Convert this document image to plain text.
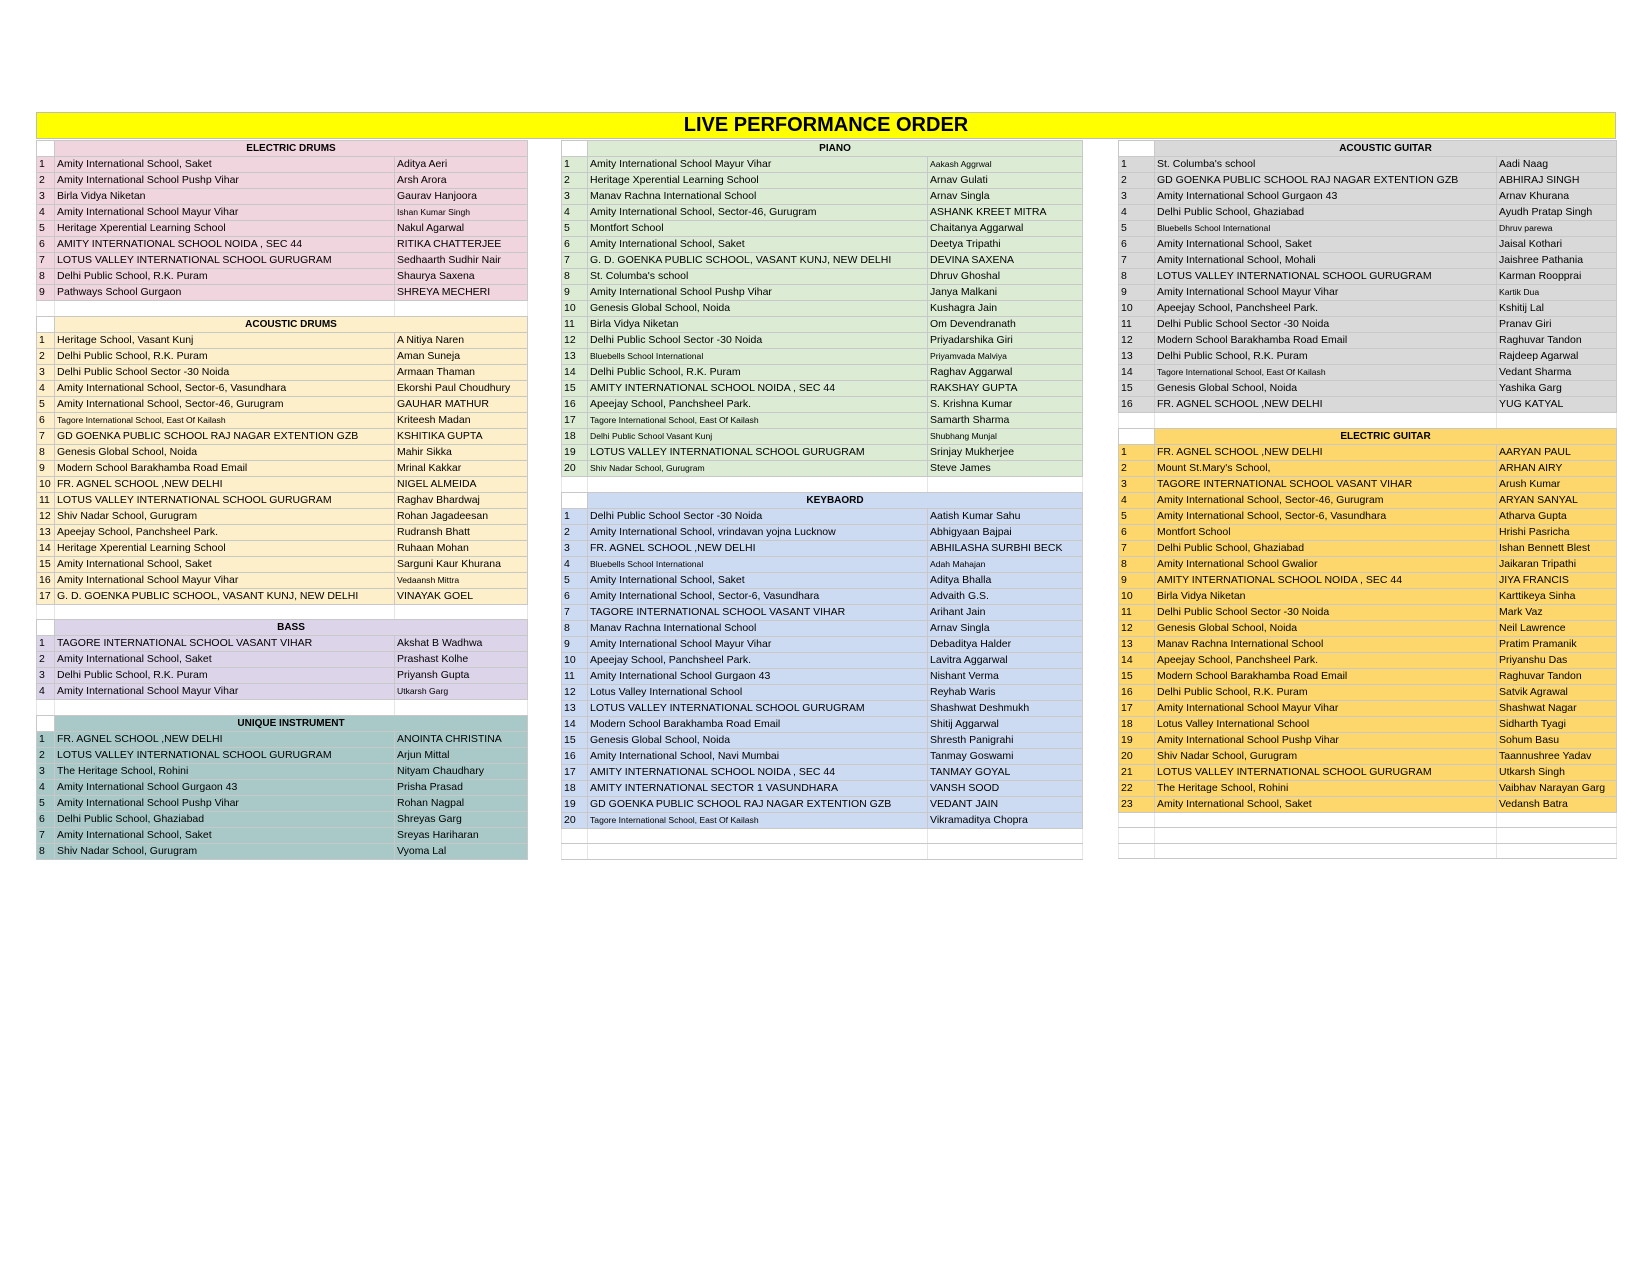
LIVE PERFORMANCE ORDER
	ELECTRIC DRUMS	
1	Amity International School, Saket	Aditya Aeri
2	Amity International School Pushp Vihar	Arsh Arora
3	Birla Vidya Niketan	Gaurav Hanjoora
4	Amity International School Mayur Vihar	Ishan Kumar Singh
5	Heritage Xperential Learning School	Nakul Agarwal
6	AMITY INTERNATIONAL SCHOOL NOIDA , SEC 44	RITIKA CHATTERJEE
7	LOTUS VALLEY INTERNATIONAL SCHOOL GURUGRAM	Sedhaarth Sudhir Nair
8	Delhi Public School, R.K. Puram	Shaurya Saxena
9	Pathways School Gurgaon	SHREYA MECHERI

	ACOUSTIC DRUMS	
1	Heritage School, Vasant Kunj	A Nitiya Naren
2	Delhi Public School, R.K. Puram	Aman Suneja
3	Delhi Public School Sector -30 Noida	Armaan Thaman
4	Amity International School, Sector-6, Vasundhara	Ekorshi Paul Choudhury
5	Amity International School, Sector-46, Gurugram	GAUHAR MATHUR
6	Tagore International School, East Of Kailash	Kriteesh Madan
7	GD GOENKA PUBLIC SCHOOL RAJ NAGAR EXTENTION GZB	KSHITIKA GUPTA
8	Genesis Global School, Noida	Mahir Sikka
9	Modern School Barakhamba Road Email	Mrinal Kakkar
10	FR. AGNEL SCHOOL ,NEW DELHI	NIGEL ALMEIDA
11	LOTUS VALLEY INTERNATIONAL SCHOOL GURUGRAM	Raghav Bhardwaj
12	Shiv Nadar School, Gurugram	Rohan Jagadeesan
13	Apeejay School, Panchsheel Park.	Rudransh Bhatt
14	Heritage Xperential Learning School	Ruhaan Mohan
15	Amity International School, Saket	Sarguni Kaur Khurana
16	Amity International School Mayur Vihar	Vedaansh Mittra
17	G. D. GOENKA PUBLIC SCHOOL, VASANT KUNJ, NEW DELHI	VINAYAK GOEL

	BASS	
1	TAGORE INTERNATIONAL SCHOOL VASANT VIHAR	Akshat B Wadhwa
2	Amity International School, Saket	Prashast Kolhe
3	Delhi Public School, R.K. Puram	Priyansh Gupta
4	Amity International School Mayur Vihar	Utkarsh Garg

	UNIQUE INSTRUMENT	
1	FR. AGNEL SCHOOL ,NEW DELHI	ANOINTA CHRISTINA
2	LOTUS VALLEY INTERNATIONAL SCHOOL GURUGRAM	Arjun Mittal
3	The Heritage School, Rohini	Nityam Chaudhary
4	Amity International School Gurgaon 43	Prisha Prasad
5	Amity International School Pushp Vihar	Rohan Nagpal
6	Delhi Public School, Ghaziabad	Shreyas Garg
7	Amity International School, Saket	Sreyas Hariharan
8	Shiv Nadar School, Gurugram	Vyoma Lal
	PIANO	
1	Amity International School Mayur Vihar	Aakash Aggrwal
2	Heritage Xperential Learning School	Arnav Gulati
3	Manav Rachna International School	Arnav Singla
4	Amity International School, Sector-46, Gurugram	ASHANK KREET MITRA
5	Montfort School	Chaitanya Aggarwal
6	Amity International School, Saket	Deetya Tripathi
7	G. D. GOENKA PUBLIC SCHOOL, VASANT KUNJ, NEW DELHI	DEVINA SAXENA
8	St. Columba's school	Dhruv Ghoshal
9	Amity International School Pushp Vihar	Janya Malkani
10	Genesis Global School, Noida	Kushagra Jain
11	Birla Vidya Niketan	Om Devendranath
12	Delhi Public School Sector -30 Noida	Priyadarshika Giri
13	Bluebells School International	Priyamvada Malviya
14	Delhi Public School, R.K. Puram	Raghav Aggarwal
15	AMITY INTERNATIONAL SCHOOL NOIDA , SEC 44	RAKSHAY GUPTA
16	Apeejay School, Panchsheel Park.	S. Krishna Kumar
17	Tagore International School, East Of Kailash	Samarth Sharma
18	Delhi Public School Vasant Kunj	Shubhang Munjal
19	LOTUS VALLEY INTERNATIONAL SCHOOL GURUGRAM	Srinjay Mukherjee
20	Shiv Nadar School, Gurugram	Steve James

	KEYBAORD	
1	Delhi Public School Sector -30 Noida	Aatish Kumar Sahu
2	Amity International School, vrindavan yojna Lucknow	Abhigyaan Bajpai
3	FR. AGNEL SCHOOL ,NEW DELHI	ABHILASHA SURBHI BECK
4	Bluebells School International	Adah Mahajan
5	Amity International School, Saket	Aditya Bhalla
6	Amity International School, Sector-6, Vasundhara	Advaith G.S.
7	TAGORE INTERNATIONAL SCHOOL VASANT VIHAR	Arihant Jain
8	Manav Rachna International School	Arnav Singla
9	Amity International School Mayur Vihar	Debaditya Halder
10	Apeejay School, Panchsheel Park.	Lavitra Aggarwal
11	Amity International School Gurgaon 43	Nishant Verma
12	Lotus Valley International School	Reyhab Waris
13	LOTUS VALLEY INTERNATIONAL SCHOOL GURUGRAM	Shashwat Deshmukh
14	Modern School Barakhamba Road Email	Shitij Aggarwal
15	Genesis Global School, Noida	Shresth Panigrahi
16	Amity International School, Navi Mumbai	Tanmay Goswami
17	AMITY INTERNATIONAL SCHOOL NOIDA , SEC 44	TANMAY GOYAL
18	AMITY INTERNATIONAL SECTOR 1 VASUNDHARA	VANSH SOOD
19	GD GOENKA PUBLIC SCHOOL RAJ NAGAR EXTENTION GZB	VEDANT JAIN
20	Tagore International School, East Of Kailash	Vikramaditya Chopra

	ACOUSTIC GUITAR	
1	St. Columba's school	Aadi Naag
2	GD GOENKA PUBLIC SCHOOL RAJ NAGAR EXTENTION GZB	ABHIRAJ SINGH
3	Amity International School Gurgaon 43	Arnav Khurana
4	Delhi Public School, Ghaziabad	Ayudh Pratap Singh
5	Bluebells School International	Dhruv parewa
6	Amity International School, Saket	Jaisal Kothari
7	Amity International School, Mohali	Jaishree Pathania
8	LOTUS VALLEY INTERNATIONAL SCHOOL GURUGRAM	Karman Roopprai
9	Amity International School Mayur Vihar	Kartik Dua
10	Apeejay School, Panchsheel Park.	Kshitij Lal
11	Delhi Public School Sector -30 Noida	Pranav Giri
12	Modern School Barakhamba Road Email	Raghuvar Tandon
13	Delhi Public School, R.K. Puram	Rajdeep Agarwal
14	Tagore International School, East Of Kailash	Vedant Sharma
15	Genesis Global School, Noida	Yashika Garg
16	FR. AGNEL SCHOOL ,NEW DELHI	YUG KATYAL

	ELECTRIC GUITAR	
1	FR. AGNEL SCHOOL ,NEW DELHI	AARYAN PAUL
2	Mount St.Mary's School,	ARHAN AIRY
3	TAGORE INTERNATIONAL SCHOOL VASANT VIHAR	Arush Kumar
4	Amity International School, Sector-46, Gurugram	ARYAN SANYAL
5	Amity International School, Sector-6, Vasundhara	Atharva Gupta
6	Montfort School	Hrishi Pasricha
7	Delhi Public School, Ghaziabad	Ishan Bennett Blest
8	Amity International School Gwalior	Jaikaran Tripathi
9	AMITY INTERNATIONAL SCHOOL NOIDA , SEC 44	JIYA FRANCIS
10	Birla Vidya Niketan	Karttikeya Sinha
11	Delhi Public School Sector -30 Noida	Mark Vaz
12	Genesis Global School, Noida	Neil Lawrence
13	Manav Rachna International School	Pratim Pramanik
14	Apeejay School, Panchsheel Park.	Priyanshu Das
15	Modern School Barakhamba Road Email	Raghuvar Tandon
16	Delhi Public School, R.K. Puram	Satvik Agrawal
17	Amity International School Mayur Vihar	Shashwat Nagar
18	Lotus Valley International School	Sidharth Tyagi
19	Amity International School Pushp Vihar	Sohum Basu
20	Shiv Nadar School, Gurugram	Taannushree Yadav
21	LOTUS VALLEY INTERNATIONAL SCHOOL GURUGRAM	Utkarsh Singh
22	The Heritage School, Rohini	Vaibhav Narayan Garg
23	Amity International School, Saket	Vedansh Batra
